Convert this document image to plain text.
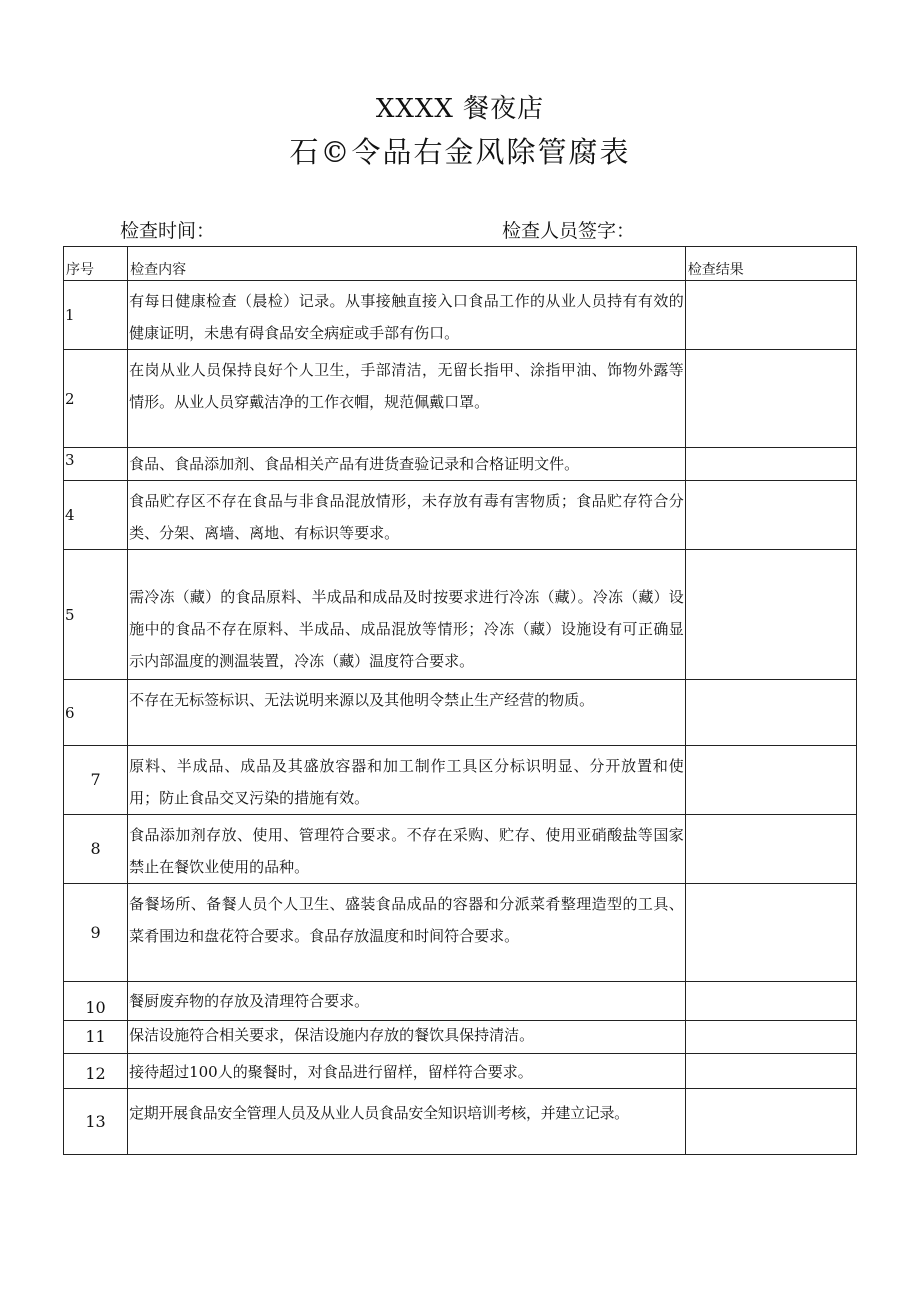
XXXX 餐夜店
石©令品右金风除管腐表
检查时间：	检查人员签字：
序号	检查内容	检查结果

1	有每日健康检查（晨检）记录。从事接触直接入口食品工作的从业人员持有有效的健康证明，未患有碍食品安全病症或手部有伤口。	
2	在岗从业人员保持良好个人卫生，手部清洁，无留长指甲、涂指甲油、饰物外露等情形。从业人员穿戴洁净的工作衣帽，规范佩戴口罩。	
3	食品、食品添加剂、食品相关产品有进货查验记录和合格证明文件。	
4	食品贮存区不存在食品与非食品混放情形，未存放有毒有害物质；食品贮存符合分类、分架、离墙、离地、有标识等要求。	
5	需冷冻（藏）的食品原料、半成品和成品及时按要求进行冷冻（藏）。冷冻（藏）设施中的食品不存在原料、半成品、成品混放等情形；冷冻（藏）设施设有可正确显示内部温度的测温装置，冷冻（藏）温度符合要求。	
6	不存在无标签标识、无法说明来源以及其他明令禁止生产经营的物质。	
7	原料、半成品、成品及其盛放容器和加工制作工具区分标识明显、分开放置和使用；防止食品交叉污染的措施有效。	
8	食品添加剂存放、使用、管理符合要求。不存在采购、贮存、使用亚硝酸盐等国家禁止在餐饮业使用的品种。	
9	备餐场所、备餐人员个人卫生、盛装食品成品的容器和分派菜肴整理造型的工具、菜肴围边和盘花符合要求。食品存放温度和时间符合要求。	
10	餐厨废弃物的存放及清理符合要求。	
11	保洁设施符合相关要求，保洁设施内存放的餐饮具保持清洁。	
12	接待超过100人的聚餐时，对食品进行留样，留样符合要求。	
13	定期开展食品安全管理人员及从业人员食品安全知识培训考核，并建立记录。	
